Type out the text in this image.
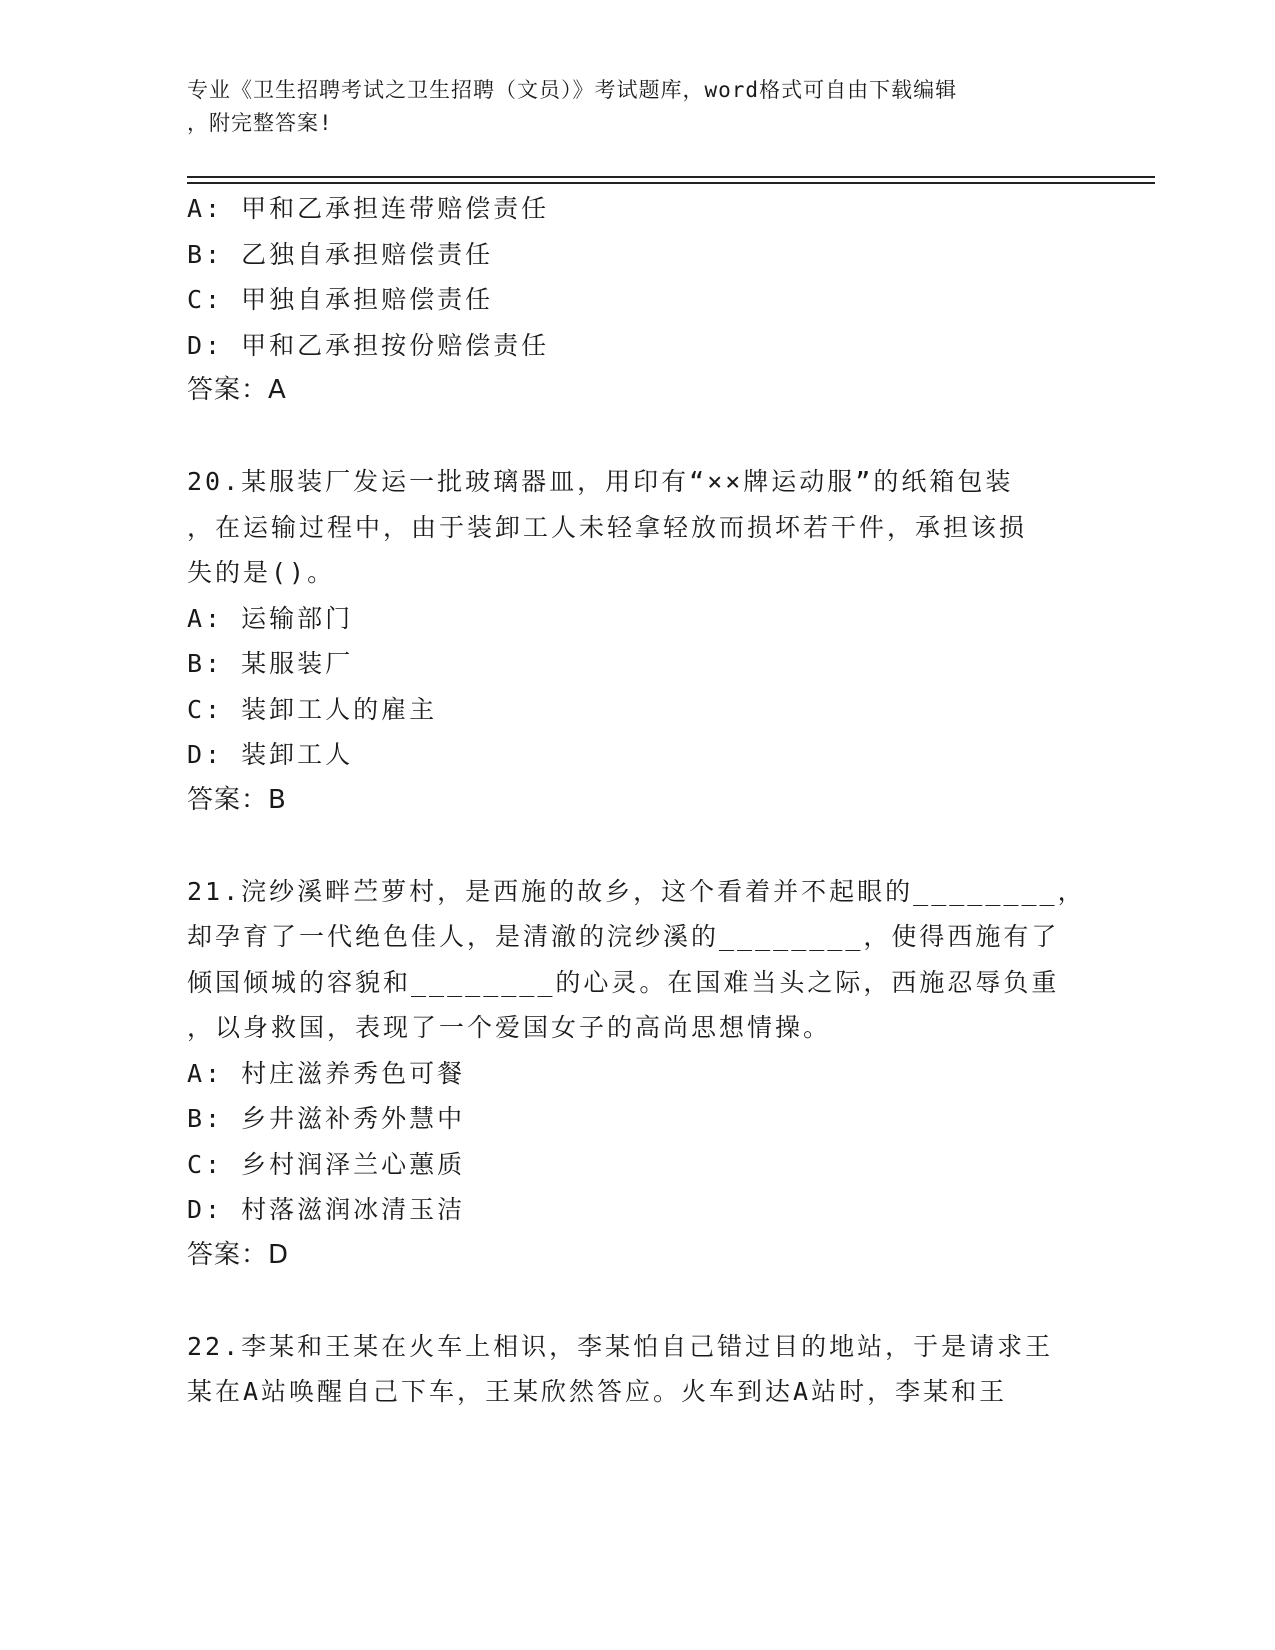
专业《卫生招聘考试之卫生招聘（文员）》考试题库，word格式可自由下载编辑
，附完整答案!
A: 甲和乙承担连带赔偿责任
B: 乙独自承担赔偿责任
C: 甲独自承担赔偿责任
D: 甲和乙承担按份赔偿责任
答案：A
20.某服装厂发运一批玻璃器皿，用印有“××牌运动服”的纸箱包装
，在运输过程中，由于装卸工人未轻拿轻放而损坏若干件，承担该损
失的是()。
A: 运输部门
B: 某服装厂
C: 装卸工人的雇主
D: 装卸工人
答案：B
21.浣纱溪畔苎萝村，是西施的故乡，这个看着并不起眼的________，
却孕育了一代绝色佳人，是清澈的浣纱溪的________，使得西施有了
倾国倾城的容貌和________的心灵。在国难当头之际，西施忍辱负重
，以身救国，表现了一个爱国女子的高尚思想情操。
A: 村庄滋养秀色可餐
B: 乡井滋补秀外慧中
C: 乡村润泽兰心蕙质
D: 村落滋润冰清玉洁
答案：D
22.李某和王某在火车上相识，李某怕自己错过目的地站，于是请求王
某在A站唤醒自己下车，王某欣然答应。火车到达A站时，李某和王
